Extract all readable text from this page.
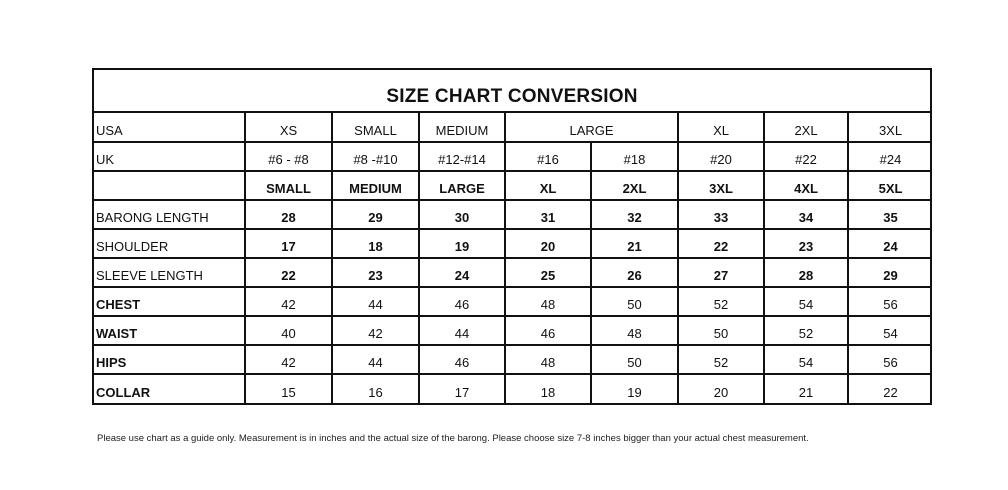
SIZE CHART CONVERSION
USA	XS	SMALL	MEDIUM	LARGE		XL	2XL	3XL
UK	#6 - #8	#8 -#10	#12-#14	#16	#18	#20	#22	#24
	SMALL	MEDIUM	LARGE	XL	2XL	3XL	4XL	5XL
BARONG LENGTH	28	29	30	31	32	33	34	35
SHOULDER	17	18	19	20	21	22	23	24
SLEEVE LENGTH	22	23	24	25	26	27	28	29
CHEST	42	44	46	48	50	52	54	56
WAIST	40	42	44	46	48	50	52	54
HIPS	42	44	46	48	50	52	54	56
COLLAR	15	16	17	18	19	20	21	22
Please use chart as a guide only. Measurement is in inches and the actual size of the barong. Please choose size 7-8 inches bigger than your actual chest measurement.
